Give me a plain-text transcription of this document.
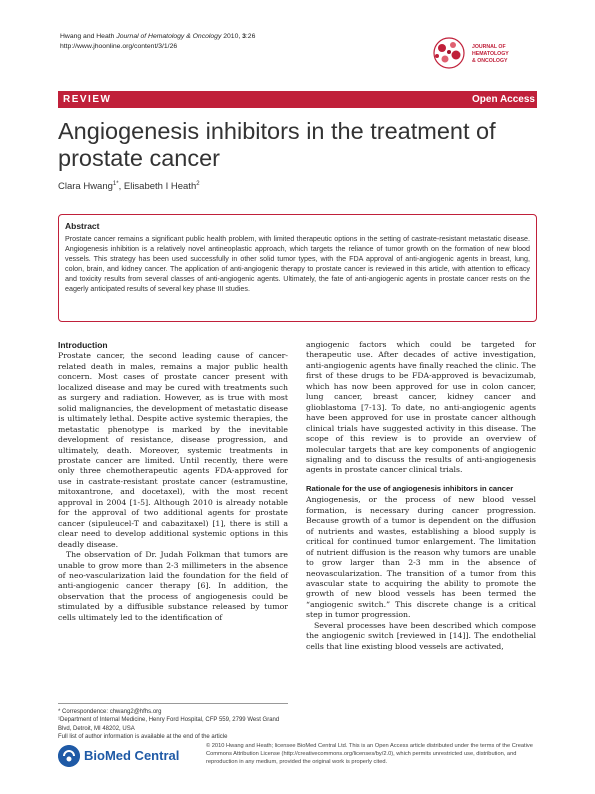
Hwang and Heath Journal of Hematology & Oncology 2010, 3:26
http://www.jhoonline.org/content/3/1/26	JOURNAL OF HEMATOLOGY
& ONCOLOGY
REVIEW	Open Access
Angiogenesis inhibitors in the treatment of prostate cancer
Clara Hwang$^{1*}$, Elisabeth I Heath$^2$
Abstract
Prostate cancer remains a significant public health problem, with limited therapeutic options in the setting of castrate-resistant metastatic disease. Angiogenesis inhibition is a relatively novel antineoplastic approach, which targets the reliance of tumor growth on the formation of new blood vessels. This strategy has been used successfully in other solid tumor types, with the FDA approval of anti-angiogenic agents in breast, lung, colon, brain, and kidney cancer. The application of anti-angiogenic therapy to prostate cancer is reviewed in this article, with attention to efficacy and toxicity results from several classes of anti-angiogenic agents. Ultimately, the fate of anti-angiogenic agents in prostate cancer rests on the eagerly anticipated results of several key phase III studies.
Introduction

Prostate cancer, the second leading cause of cancer-related death in males, remains a major public health concern. Most cases of prostate cancer present with localized disease and may be cured with treatments such as surgery and radiation. However, as is true with most solid malignancies, the development of metastatic disease is ultimately lethal. Despite active systemic therapies, the metastatic phenotype is marked by the inevitable development of resistance, disease progression, and ultimately, death. Moreover, systemic treatments in prostate cancer are limited. Until recently, there were only three chemotherapeutic agents FDA-approved for use in castrate-resistant prostate cancer (estramustine, mitoxantrone, and docetaxel), with the most recent approval in 2004 [1-5]. Although 2010 is already notable for the approval of two additional agents for prostate cancer (sipuleucel-T and cabazitaxel) [1], there is still a clear need to develop additional systemic options in this deadly disease.

The observation of Dr. Judah Folkman that tumors are unable to grow more than 2-3 millimeters in the absence of neo-vascularization laid the foundation for the field of anti-angiogenic cancer therapy [6]. In addition, the observation that the process of angiogenesis could be stimulated by a diffusible substance released by tumor cells ultimately led to the identification of

angiogenic factors which could be targeted for therapeutic use. After decades of active investigation, anti-angiogenic agents have finally reached the clinic. The first of these drugs to be FDA-approved is bevacizumab, which has now been approved for use in colon cancer, lung cancer, breast cancer, kidney cancer and glioblastoma [7-13]. To date, no anti-angiogenic agents have been approved for use in prostate cancer although clinical trials have suggested activity in this disease. The scope of this review is to provide an overview of molecular targets that are key components of angiogenic signaling and to discuss the results of anti-angiogenesis agents in prostate cancer clinical trials.

Rationale for the use of angiogenesis inhibitors in cancer

Angiogenesis, or the process of new blood vessel formation, is necessary during cancer progression. Because growth of a tumor is dependent on the diffusion of nutrients and wastes, establishing a blood supply is critical for continued tumor enlargement. The limitation of nutrient diffusion is the reason why tumors are unable to grow larger than 2-3 mm in the absence of neovascularization. The transition of a tumor from this avascular state to acquiring the ability to promote the growth of new blood vessels has been termed the “angiogenic switch.” This discrete change is a critical step in tumor progression.

Several processes have been described which compose the angiogenic switch [reviewed in [14]]. The endothelial cells that line existing blood vessels are activated,

* Correspondence: chwang2@hfhs.org
¹Department of Internal Medicine, Henry Ford Hospital, CFP 559, 2799 West Grand Blvd, Detroit, MI 48202, USA
Full list of author information is available at the end of the article
BioMed Central
© 2010 Hwang and Heath; licensee BioMed Central Ltd. This is an Open Access article distributed under the terms of the Creative Commons Attribution License (http://creativecommons.org/licenses/by/2.0), which permits unrestricted use, distribution, and reproduction in any medium, provided the original work is properly cited.
